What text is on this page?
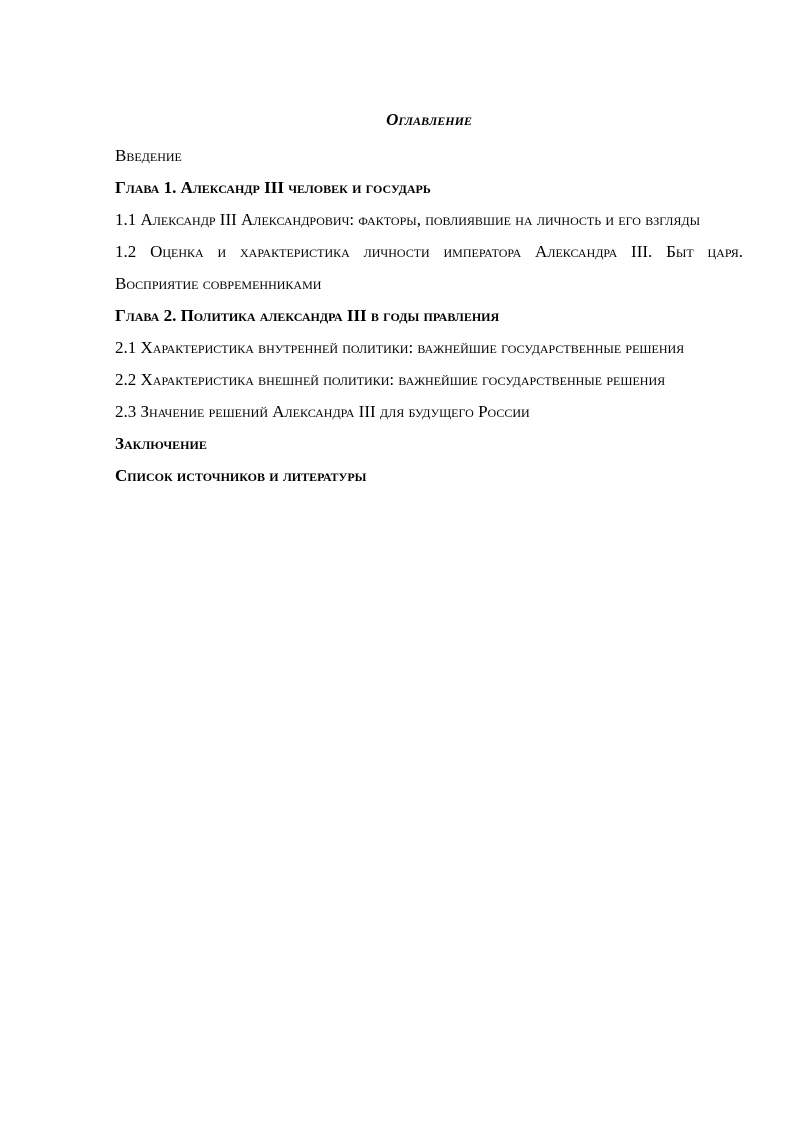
Оглавление

Введение

Глава 1. Александр III человек и государь

1.1 Александр III Александрович: факторы, повлиявшие на личность и его взгляды

1.2 Оценка и характеристика личности императора Александра III. Быт царя. Восприятие современниками

Глава 2. Политика александра III в годы правления

2.1 Характеристика внутренней политики: важнейшие государственные решения

2.2 Характеристика внешней политики: важнейшие государственные решения

2.3 Значение решений Александра III для будущего России

Заключение

Список источников и литературы
